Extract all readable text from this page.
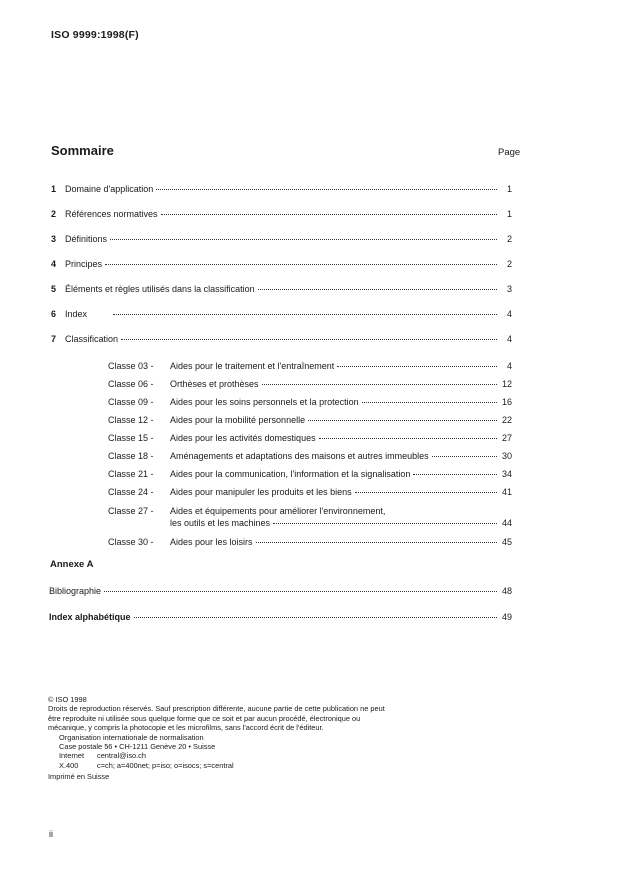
ISO 9999:1998(F)
Sommaire	Page
1 Domaine d'application	1
2 Références normatives	1
3 Définitions	2
4 Principes	2
5 Éléments et règles utilisés dans la classification	3
6 Index	4
7 Classification	4
Classe 03 -	Aides pour le traitement et l'entraînement	4
Classe 06 -	Orthèses et prothèses	12
Classe 09 -	Aides pour les soins personnels et la protection	16
Classe 12 -	Aides pour la mobilité personnelle	22
Classe 15 -	Aides pour les activités domestiques	27
Classe 18 -	Aménagements et adaptations des maisons et autres immeubles	30
Classe 21 -	Aides pour la communication, l'information et la signalisation	34
Classe 24 -	Aides pour manipuler les produits et les biens	41
Classe 27 -	Aides et équipements pour améliorer l'environnement,
les outils et les machines	44
Classe 30 -	Aides pour les loisirs	45
Annexe A
Bibliographie	48
Index alphabétique	49

© ISO 1998

Droits de reproduction réservés. Sauf prescription différente, aucune partie de cette publication ne peut être reproduite ni utilisée sous quelque forme que ce soit et par aucun procédé, électronique ou mécanique, y compris la photocopie et les microfilms, sans l'accord écrit de l'éditeur.

Organisation internationale de normalisation
Case postale 56 • CH-1211 Genève 20 • Suisse
Internet	central@iso.ch
X.400	c=ch; a=400net; p=iso; o=isocs; s=central

Imprimé en Suisse

ii
